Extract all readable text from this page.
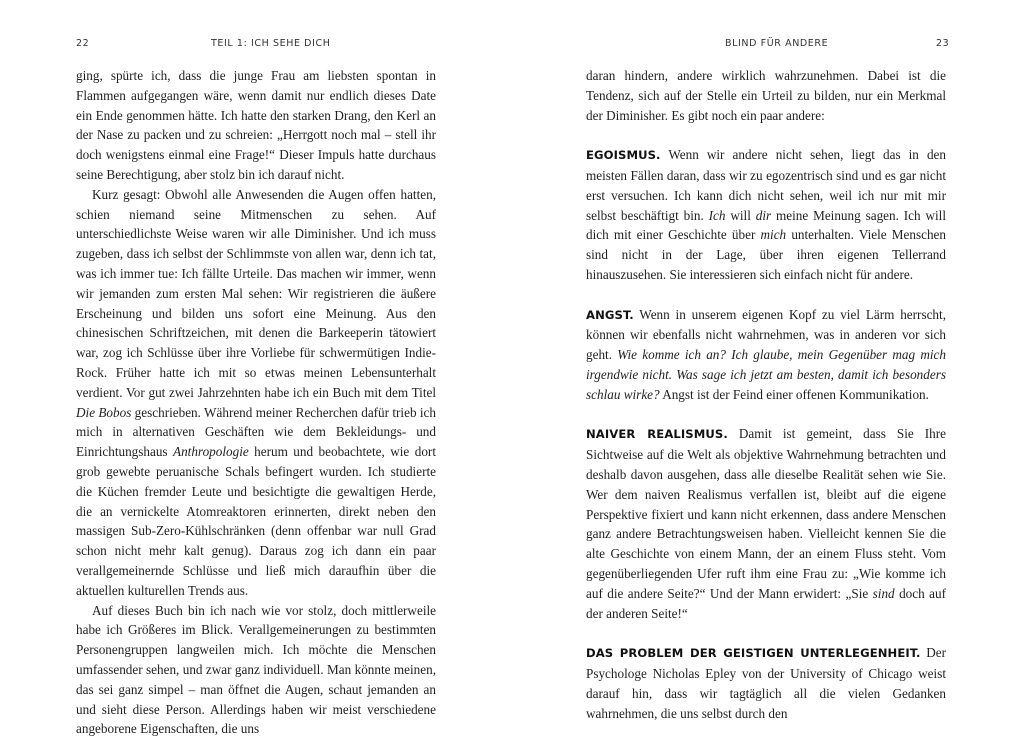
22	TEIL 1: ICH SEHE DICH

ging, spürte ich, dass die junge Frau am liebsten spontan in Flammen aufgegangen wäre, wenn damit nur endlich dieses Date ein Ende genommen hätte. Ich hatte den starken Drang, den Kerl an der Nase zu packen und zu schreien: „Herrgott noch mal – stell ihr doch wenigstens einmal eine Frage!“ Dieser Impuls hatte durchaus seine Berechtigung, aber stolz bin ich darauf nicht.

Kurz gesagt: Obwohl alle Anwesenden die Augen offen hatten, schien niemand seine Mitmenschen zu sehen. Auf unterschiedlichste Weise waren wir alle Diminisher. Und ich muss zugeben, dass ich selbst der Schlimmste von allen war, denn ich tat, was ich immer tue: Ich fällte Urteile. Das machen wir immer, wenn wir jemanden zum ersten Mal sehen: Wir registrieren die äußere Erscheinung und bilden uns sofort eine Meinung. Aus den chinesischen Schriftzeichen, mit denen die Barkeeperin tätowiert war, zog ich Schlüsse über ihre Vorliebe für schwermütigen Indie-Rock. Früher hatte ich mit so etwas meinen Lebensunterhalt verdient. Vor gut zwei Jahrzehnten habe ich ein Buch mit dem Titel Die Bobos geschrieben. Während meiner Recherchen dafür trieb ich mich in alternativen Geschäften wie dem Bekleidungs- und Einrichtungshaus Anthropologie herum und beobachtete, wie dort grob gewebte peruanische Schals befingert wurden. Ich studierte die Küchen fremder Leute und besichtigte die gewaltigen Herde, die an vernickelte Atomreaktoren erinnerten, direkt neben den massigen Sub-Zero-Kühlschränken (denn offenbar war null Grad schon nicht mehr kalt genug). Daraus zog ich dann ein paar verallgemeinernde Schlüsse und ließ mich daraufhin über die aktuellen kulturellen Trends aus.

Auf dieses Buch bin ich nach wie vor stolz, doch mittlerweile habe ich Größeres im Blick. Verallgemeinerungen zu bestimmten Personengruppen langweilen mich. Ich möchte die Menschen umfassender sehen, und zwar ganz individuell. Man könnte meinen, das sei ganz simpel – man öffnet die Augen, schaut jemanden an und sieht diese Person. Allerdings haben wir meist verschiedene angeborene Eigenschaften, die uns

BLIND FÜR ANDERE	23

daran hindern, andere wirklich wahrzunehmen. Dabei ist die Tendenz, sich auf der Stelle ein Urteil zu bilden, nur ein Merkmal der Diminisher. Es gibt noch ein paar andere:

EGOISMUS. Wenn wir andere nicht sehen, liegt das in den meisten Fällen daran, dass wir zu egozentrisch sind und es gar nicht erst versuchen. Ich kann dich nicht sehen, weil ich nur mit mir selbst beschäftigt bin. Ich will dir meine Meinung sagen. Ich will dich mit einer Geschichte über mich unterhalten. Viele Menschen sind nicht in der Lage, über ihren eigenen Tellerrand hinauszusehen. Sie interessieren sich einfach nicht für andere.

ANGST. Wenn in unserem eigenen Kopf zu viel Lärm herrscht, können wir ebenfalls nicht wahrnehmen, was in anderen vor sich geht. Wie komme ich an? Ich glaube, mein Gegenüber mag mich irgendwie nicht. Was sage ich jetzt am besten, damit ich besonders schlau wirke? Angst ist der Feind einer offenen Kommunikation.

NAIVER REALISMUS. Damit ist gemeint, dass Sie Ihre Sichtweise auf die Welt als objektive Wahrnehmung betrachten und deshalb davon ausgehen, dass alle dieselbe Realität sehen wie Sie. Wer dem naiven Realismus verfallen ist, bleibt auf die eigene Perspektive fixiert und kann nicht erkennen, dass andere Menschen ganz andere Betrachtungsweisen haben. Vielleicht kennen Sie die alte Geschichte von einem Mann, der an einem Fluss steht. Vom gegenüberliegenden Ufer ruft ihm eine Frau zu: „Wie komme ich auf die andere Seite?“ Und der Mann erwidert: „Sie sind doch auf der anderen Seite!“

DAS PROBLEM DER GEISTIGEN UNTERLEGENHEIT. Der Psychologe Nicholas Epley von der University of Chicago weist darauf hin, dass wir tagtäglich all die vielen Gedanken wahrnehmen, die uns selbst durch den
